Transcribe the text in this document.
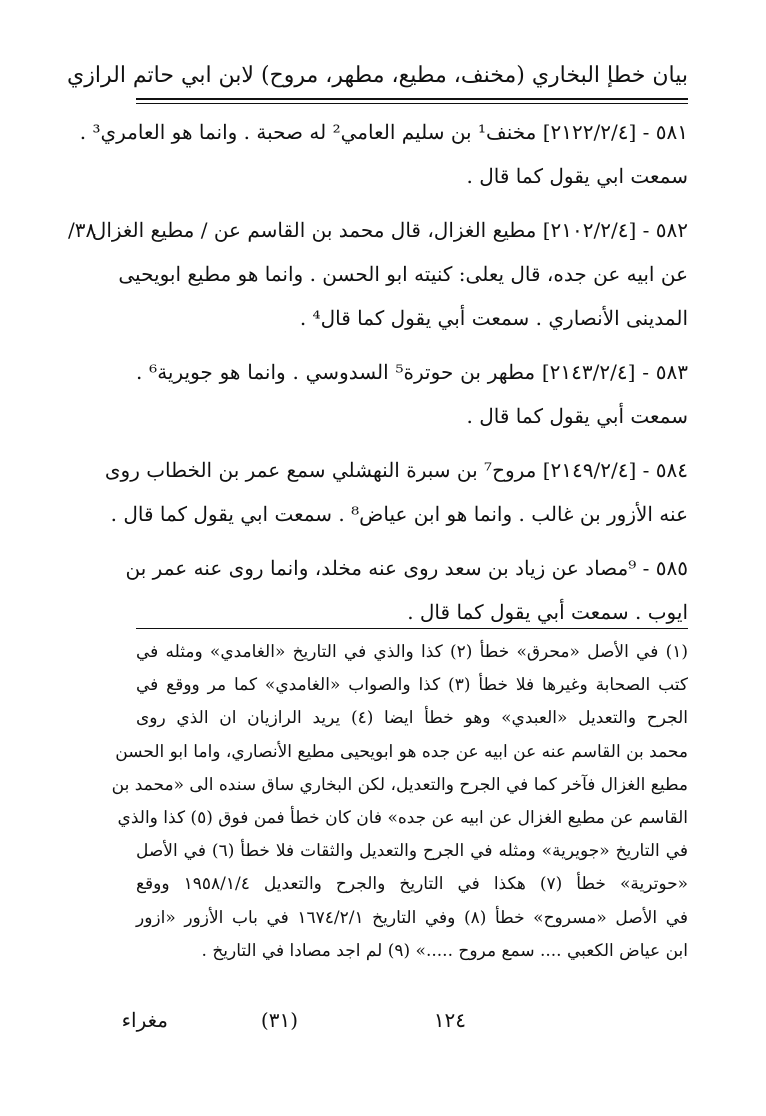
بيان خطإ البخاري (مخنف، مطيع، مطهر، مروح) لابن ابي حاتم الرازي
٥٨١ - [٢١٢٢/٢/٤] مخنف¹ بن سليم العامي² له صحبة . وانما هو العامري³ .
سمعت ابي يقول كما قال .
٣٨/
٥٨٢ - [٢١٠٢/٢/٤] مطيع الغزال، قال محمد بن القاسم عن / مطيع الغزال
عن ابيه عن جده، قال يعلى: كنيته ابو الحسن . وانما هو مطيع ابويحيى
المدينى الأنصاري . سمعت أبي يقول كما قال⁴ .
٥٨٣ - [٢١٤٣/٢/٤] مطهر بن حوترة⁵ السدوسي . وانما هو جويرية⁶ .
سمعت أبي يقول كما قال .
٥٨٤ - [٢١٤٩/٢/٤] مروح⁷ بن سبرة النهشلي سمع عمر بن الخطاب روى
عنه الأزور بن غالب . وانما هو ابن عياض⁸ . سمعت ابي يقول كما قال .
٥٨٥ - ⁹مصاد عن زياد بن سعد روى عنه مخلد، وانما روى عنه عمر بن
ايوب . سمعت أبي يقول كما قال .
(١) في الأصل «محرق» خطأ (٢) كذا والذي في التاريخ «الغامدي» ومثله في
كتب الصحابة وغيرها فلا خطأ (٣) كذا والصواب «الغامدي» كما مر ووقع في
الجرح والتعديل «العبدي» وهو خطأ ايضا (٤) يريد الرازيان ان الذي روى
محمد بن القاسم عنه عن ابيه عن جده هو ابويحيى مطيع الأنصاري، واما ابو الحسن
مطيع الغزال فآخر كما في الجرح والتعديل، لكن البخاري ساق سنده الى «محمد بن
القاسم عن مطيع الغزال عن ابيه عن جده» فان كان خطأ فمن فوق (٥) كذا والذي
في التاريخ «جويرية» ومثله في الجرح والتعديل والثقات فلا خطأ (٦) في الأصل
«حوترية» خطأ (٧) هكذا في التاريخ والجرح والتعديل ١٩٥٨/١/٤ ووقع
في الأصل «مسروح» خطأ (٨) وفي التاريخ ١٦٧٤/٢/١ في باب الأزور «ازور
ابن عياض الكعبي .... سمع مروح .....» (٩) لم اجد مصادا في التاريخ .
مغراء	١٢٤
(٣١)
